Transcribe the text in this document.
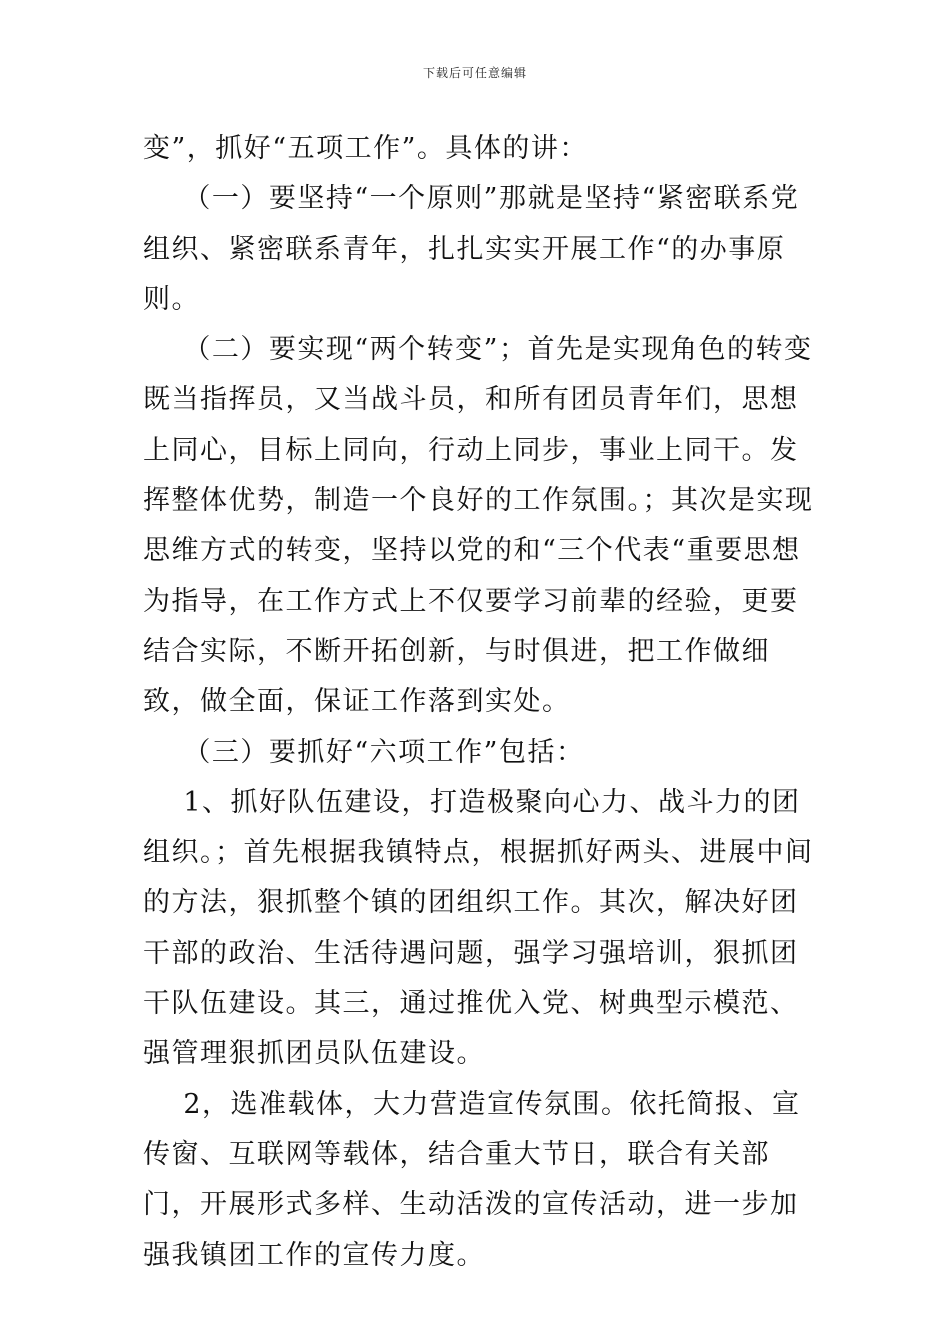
下载后可任意编辑

变”，抓好“五项工作”。具体的讲：

（一）要坚持“一个原则”那就是坚持“紧密联系党组织、紧密联系青年，扎扎实实开展工作“的办事原则。

（二）要实现“两个转变”；首先是实现角色的转变既当指挥员，又当战斗员，和所有团员青年们，思想上同心，目标上同向，行动上同步，事业上同干。发挥整体优势，制造一个良好的工作氛围。；其次是实现思维方式的转变，坚持以党的和“三个代表“重要思想为指导，在工作方式上不仅要学习前辈的经验，更要结合实际，不断开拓创新，与时俱进，把工作做细致，做全面，保证工作落到实处。

（三）要抓好“六项工作”包括：

1、抓好队伍建设，打造极聚向心力、战斗力的团组织。；首先根据我镇特点，根据抓好两头、进展中间的方法，狠抓整个镇的团组织工作。其次，解决好团干部的政治、生活待遇问题，强学习强培训，狠抓团干队伍建设。其三，通过推优入党、树典型示模范、强管理狠抓团员队伍建设。

2，选准载体，大力营造宣传氛围。依托简报、宣传窗、互联网等载体，结合重大节日，联合有关部门，开展形式多样、生动活泼的宣传活动，进一步加强我镇团工作的宣传力度。
